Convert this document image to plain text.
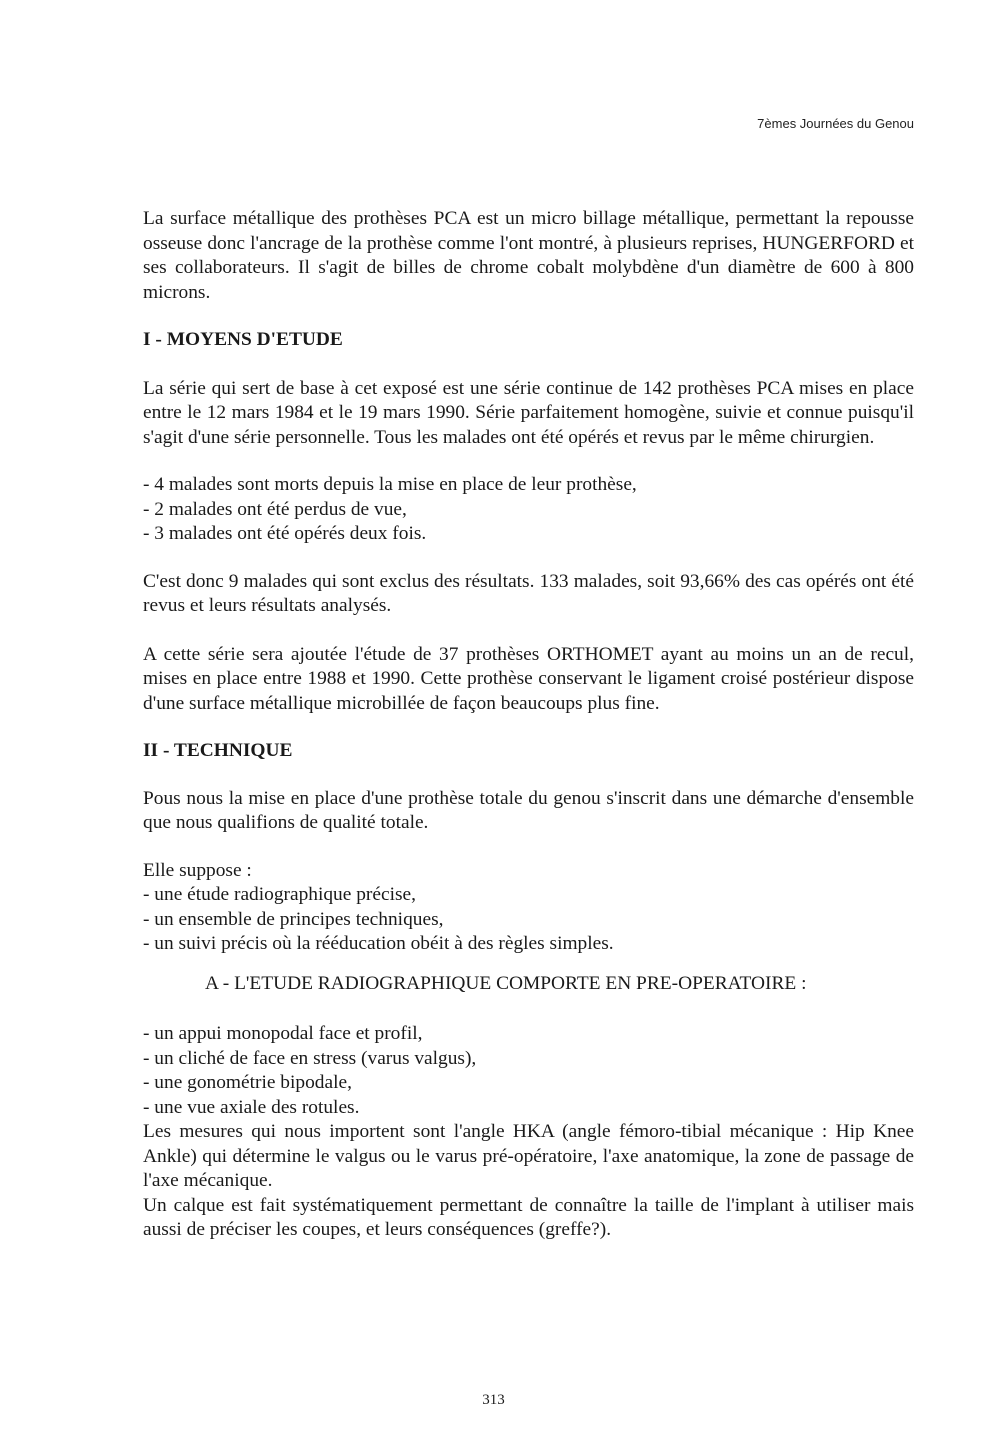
7èmes Journées du Genou

La surface métallique des prothèses PCA est un micro billage métallique, permettant la repousse osseuse donc l'ancrage de la prothèse comme l'ont montré, à plusieurs reprises, HUNGERFORD et ses collaborateurs. Il s'agit de billes de chrome cobalt molybdène d'un diamètre de 600 à 800 microns.

I - MOYENS D'ETUDE

La série qui sert de base à cet exposé est une série continue de 142 prothèses PCA mises en place entre le 12 mars 1984 et le 19 mars 1990. Série parfaitement homogène, suivie et connue puisqu'il s'agit d'une série personnelle. Tous les malades ont été opérés et revus par le même chirurgien.

- 4 malades sont morts depuis la mise en place de leur prothèse,

- 2 malades ont été perdus de vue,

- 3 malades ont été opérés deux fois.

C'est donc 9 malades qui sont exclus des résultats. 133 malades, soit 93,66% des cas opérés ont été revus et leurs résultats analysés.

A cette série sera ajoutée l'étude de 37 prothèses ORTHOMET ayant au moins un an de recul, mises en place entre 1988 et 1990. Cette prothèse conservant le ligament croisé postérieur dispose d'une surface métallique microbillée de façon beaucoups plus fine.

II - TECHNIQUE

Pous nous la mise en place d'une prothèse totale du genou s'inscrit dans une démarche d'ensemble que nous qualifions de qualité totale.

Elle suppose :

- une étude radiographique précise,

- un ensemble de principes techniques,

- un suivi précis où la rééducation obéit à des règles simples.

A - L'ETUDE RADIOGRAPHIQUE COMPORTE EN PRE-OPERATOIRE :

- un appui monopodal face et profil,

- un cliché de face en stress (varus valgus),

- une gonométrie bipodale,

- une vue axiale des rotules.

Les mesures qui nous importent sont l'angle HKA (angle fémoro-tibial mécanique : Hip Knee Ankle) qui détermine le valgus ou le varus pré-opératoire, l'axe anatomique, la zone de passage de l'axe mécanique.

Un calque est fait systématiquement permettant de connaître la taille de l'implant à utiliser mais aussi de préciser les coupes, et leurs conséquences (greffe?).

313
